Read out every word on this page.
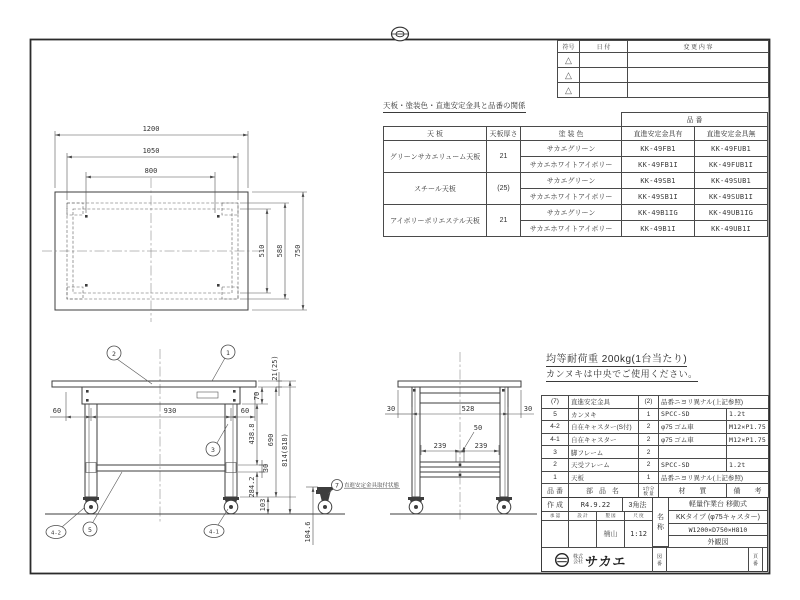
1200
1050
800
750
588
510
60	930	60
21(25)
70
438.8
30
284.2
103
690 814(818)
104.6
7 直進安定金具取付状態
2	1
3
5
4-2	4-1
30	528	30
50
239	239
符号	日 付	変 更 内 容
△		
△		
△		
天板・塗装色・直進安定金具と品番の関係
			品 番	
天 板	天板厚さ	塗 装 色	直進安定金具有	直進安定金具無
グリーンサカエリューム天板	21	サカエグリーン	KK-49FB1	KK-49FUB1
		サカエホワイトアイボリー	KK-49FB1I	KK-49FUB1I
スチール天板	(25)	サカエグリーン	KK-49SB1	KK-49SUB1
		サカエホワイトアイボリー	KK-49SB1I	KK-49SUB1I
アイボリーポリエステル天板	21	サカエグリーン	KK-49B1IG	KK-49UB1IG
		サカエホワイトアイボリー	KK-49B1I	KK-49UB1I
均等耐荷重 200kg(1台当たり)
カンヌキは中央でご使用ください。
(7)	直進安定金具	(2)	品番ニヨリ異ナル(上記参照)	
5	カンヌキ	1	SPCC-SD	1.2t
4-2	自在キャスター(S付)	2	φ75 ゴム車	M12×P1.75
4-1	自在キャスター	2	φ75 ゴム車	M12×P1.75
3	脚フレーム	2		
2	天受フレーム	2	SPCC-SD	1.2t
1	天板	1	品番ニヨリ異ナル(上記参照)	
品 番	部 品 名	1台分
数 量	材　　質	備　　考
作 成	R4.9.22	3角法
承 認	設 計	製 図	尺 度
楠山	1:12
名
称
軽量作業台 移動式
KKタイプ (φ75キャスター)
W1200×D750×H810
外観図
株式
会社 サカエ	図
番
頁
番
